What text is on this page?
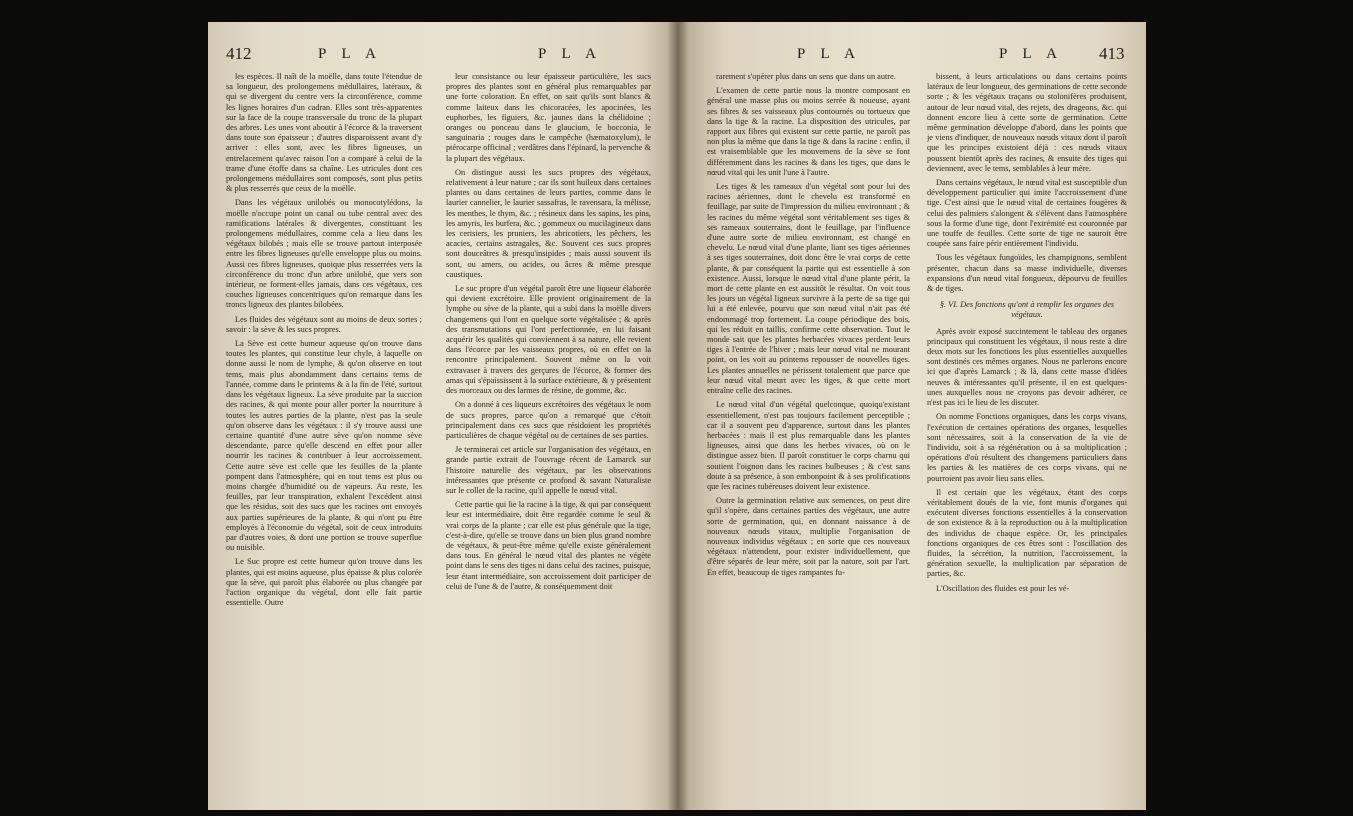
412	P L A	P L A

les espèces. Il naît de la moëlle, dans toute l'étendue de sa longueur, des prolongemens médullaires, latéraux, & qui se divergent du centre vers la circonférence, comme les lignes horaires d'un cadran. Elles sont très-apparentes sur la face de la coupe transversale du tronc de la plupart des arbres. Les unes vont aboutir à l'écorce & la traversent dans toute son épaisseur ; d'autres disparoissent avant d'y arriver : elles sont, avec les fibres ligneuses, un entrelacement qu'avec raison l'on a comparé à celui de la trame d'une étoffe dans sa chaîne. Les utricules dont ces prolongemens médullaires sont composés, sont plus petits & plus resserrés que ceux de la moëlle.

Dans les végétaux unilobés ou monocotylédons, la moëlle n'occupe point un canal ou tube central avec des ramifications latérales & divergentes, constituant les prolongemens médullaires, comme cela a lieu dans les végétaux bilobés ; mais elle se trouve partout interposée entre les fibres ligneuses qu'elle enveloppe plus ou moins. Aussi ces fibres ligneuses, quoique plus resserrées vers la circonférence du tronc d'un arbre unilobé, que vers son intérieur, ne forment-elles jamais, dans ces végétaux, ces couches ligneuses concentriques qu'on remarque dans les troncs ligneux des plantes bilobées.

Les fluides des végétaux sont au moins de deux sortes ; savoir : la sève & les sucs propres.

La Sève est cette humeur aqueuse qu'on trouve dans toutes les plantes, qui constitue leur chyle, à laquelle on donne aussi le nom de lymphe, & qu'on observe en tout tems, mais plus abondamment dans certains tems de l'année, comme dans le printems & à la fin de l'été, surtout dans les végétaux ligneux. La sève produite par la succion des racines, & qui monte pour aller porter la nourriture à toutes les autres parties de la plante, n'est pas la seule qu'on observe dans les végétaux : il s'y trouve aussi une certaine quantité d'une autre sève qu'on nomme sève descendante, parce qu'elle descend en effet pour aller nourrir les racines & contribuer à leur accroissement. Cette autre sève est celle que les feuilles de la plante pompent dans l'atmosphère, qui en tout tems est plus ou moins chargée d'humidité ou de vapeurs. Au reste, les feuilles, par leur transpiration, exhalent l'excédent ainsi que les résidus, soit des sucs que les racines ont envoyés aux parties supérieures de la plante, & qui n'ont pu être employés à l'économie du végétal, soit de ceux introduits par d'autres voies, & dont une portion se trouve superflue ou nuisible.

Le Suc propre est cette humeur qu'on trouve dans les plantes, qui est moins aqueuse, plus épaisse & plus colorée que la sève, qui paroît plus élaborée ou plus changée par l'action organique du végétal, dont elle fait partie essentielle. Outre

leur consistance ou leur épaisseur particulière, les sucs propres des plantes sont en général plus remarquables par une forte coloration. En effet, on sait qu'ils sont blancs & comme laiteux dans les chicoracées, les apocinées, les euphorbes, les figuiers, &c. jaunes dans la chélidoine ; oranges ou ponceau dans le glaucium, le bocconia, le sanguinaria ; rouges dans le campêche (hæmatoxylum), le ptérocarpe officinal ; verdâtres dans l'épinard, la pervenche & la plupart des végétaux.

On distingue aussi les sucs propres des végétaux, relativement à leur nature ; car ils sont huileux dans certaines plantes ou dans certaines de leurs parties, comme dans le laurier cannelier, le laurier sassafras, le ravensara, la mélisse, les menthes, le thym, &c. ; résineux dans les sapins, les pins, les amyris, les burfera, &c. ; gommeux ou mucilagineux dans les cerisiers, les pruniers, les abricotiers, les pêchers, les acacies, certains astragales, &c. Souvent ces sucs propres sont douceâtres & presqu'insipides ; mais aussi souvent ils sont, ou amers, ou acides, ou âcres & même presque caustiques.

Le suc propre d'un végétal paroît être une liqueur élaborée qui devient excrétoire. Elle provient originairement de la lymphe ou sève de la plante, qui a subi dans la moëlle divers changemens qui l'ont en quelque sorte végétalisée ; & après des transmutations qui l'ont perfectionnée, en lui faisant acquérir les qualités qui conviennent à sa nature, elle revient dans l'écorce par les vaisseaux propres, où en effet on la rencontre principalement. Souvent même on la voit extravaser à travers des gerçures de l'écorce, & former des amas qui s'épaississent à la surface extérieure, & y présentent des morceaux ou des larmes de résine, de gomme, &c.

On a donné à ces liqueurs excrétoires des végétaux le nom de sucs propres, parce qu'on a remarqué que c'étoit principalement dans ces sucs que résidoient les propriétés particulières de chaque végétal ou de certaines de ses parties.

Je terminerai cet article sur l'organisation des végétaux, en grande partie extrait de l'ouvrage récent de Lamarck sur l'histoire naturelle des végétaux, par les observations intéressantes que présente ce profond & savant Naturaliste sur le collet de la racine, qu'il appelle le nœud vital.

Cette partie qui lie la racine à la tige, & qui par conséquent leur est intermédiaire, doit être regardée comme le seul & vrai corps de la plante ; car elle est plus générale que la tige, c'est-à-dire, qu'elle se trouve dans un bien plus grand nombre de végétaux, & peut-être même qu'elle existe généralement dans tous. En général le nœud vital des plantes ne végète point dans le sens des tiges ni dans celui des racines, puisque, leur étant intermédiaire, son accroissement doit participer de celui de l'une & de l'autre, & conséquemment doit

P L A	P L A 413

rarement s'opérer plus dans un sens que dans un autre.

L'examen de cette partie nous la montre composant en général une masse plus ou moins serrée & noueuse, ayant ses fibres & ses vaisseaux plus contournés ou tortueux que dans la tige & la racine. La disposition des utricules, par rapport aux fibres qui existent sur cette partie, ne paroît pas non plus la même que dans la tige & dans la racine : enfin, il est vraisemblable que les mouvemens de la sève se font différemment dans les racines & dans les tiges, que dans le nœud vital qui les unit l'une à l'autre.

Les tiges & les rameaux d'un végétal sont pour lui des racines aériennes, dont le chevelu est transformé en feuillage, par suite de l'impression du milieu environnant ; & les racines du même végétal sont véritablement ses tiges & ses rameaux souterrains, dont le feuillage, par l'influence d'une autre sorte de milieu environnant, est changé en chevelu. Le nœud vital d'une plante, liant ses tiges aériennes à ses tiges souterraines, doit donc être le vrai corps de cette plante, & par conséquent la partie qui est essentielle à son existence. Aussi, lorsque le nœud vital d'une plante périt, la mort de cette plante en est aussitôt le résultat. On voit tous les jours un végétal ligneux survivre à la perte de sa tige qui lui a été enlevée, pourvu que son nœud vital n'ait pas été endommagé trop fortement. La coupe périodique des bois, qui les réduit en taillis, confirme cette observation. Tout le monde sait que les plantes herbacées vivaces perdent leurs tiges à l'entrée de l'hiver ; mais leur nœud vital ne mourant point, on les voit au printems repousser de nouvelles tiges. Les plantes annuelles ne périssent totalement que parce que leur nœud vital meurt avec les tiges, & que cette mort entraîne celle des racines.

Le nœud vital d'un végétal quelconque, quoiqu'existant essentiellement, n'est pas toujours facilement perceptible ; car il a souvent peu d'apparence, surtout dans les plantes herbacées : mais il est plus remarquable dans les plantes ligneuses, ainsi que dans les herbes vivaces, où on le distingue assez bien. Il paroît constituer le corps charnu qui soutient l'oignon dans les racines bulbeuses ; & c'est sans doute à sa présence, à son embonpoint & à ses prolifications que les racines tubéreuses doivent leur existence.

Outre la germination relative aux semences, on peut dire qu'il s'opère, dans certaines parties des végétaux, une autre sorte de germination, qui, en donnant naissance à de nouveaux nœuds vitaux, multiplie l'organisation de nouveaux individus végétaux ; en sorte que ces nouveaux végétaux n'attendent, pour exister individuellement, que d'être séparés de leur mère, soit par la nature, soit par l'art. En effet, beaucoup de tiges rampantes fu-

bissent, à leurs articulations ou dans certains points latéraux de leur longueur, des germinations de cette seconde sorte ; & les végétaux traçans ou stolonifères produisent, autour de leur nœud vital, des rejets, des drageons, &c. qui donnent encore lieu à cette sorte de germination. Cette même germination développe d'abord, dans les points que je viens d'indiquer, de nouveaux nœuds vitaux dont il paroît que les principes existoient déjà : ces nœuds vitaux poussent bientôt après des racines, & ensuite des tiges qui deviennent, avec le tems, semblables à leur mère.

Dans certains végétaux, le nœud vital est susceptible d'un développement particulier qui imite l'accroissement d'une tige. C'est ainsi que le nœud vital de certaines fougères & celui des palmiers s'alongent & s'élèvent dans l'atmosphère sous la forme d'une tige, dont l'extrémité est couronnée par une touffe de feuilles. Cette sorte de tige ne sauroit être coupée sans faire périr entièrement l'individu.

Tous les végétaux fungoïdes, les champignons, semblent présenter, chacun dans sa masse individuelle, diverses expansions d'un nœud vital fongueux, dépourvu de feuilles & de tiges.

§. VI. Des fonctions qu'ont à remplir les organes des végétaux.

Après avoir exposé succintement le tableau des organes principaux qui constituent les végétaux, il nous reste à dire deux mots sur les fonctions les plus essentielles auxquelles sont destinés ces mêmes organes. Nous ne parlerons encore ici que d'après Lamarck ; & là, dans cette masse d'idées neuves & intéressantes qu'il présente, il en est quelques-unes auxquelles nous ne croyons pas devoir adhérer, ce n'est pas ici le lieu de les discuter.

On nomme Fonctions organiques, dans les corps vivans, l'exécution de certaines opérations des organes, lesquelles sont nécessaires, soit à la conservation de la vie de l'individu, soit à sa régénération ou à sa multiplication ; opérations d'où résultent des changemens particuliers dans les parties & les matières de ces corps vivans, qui ne pourroient pas avoir lieu sans elles.

Il est certain que les végétaux, étant des corps véritablement doués de la vie, font munis d'organes qui exécutent diverses fonctions essentielles à la conservation de son existence & à la reproduction ou à la multiplication des individus de chaque espèce. Or, les principales fonctions organiques de ces êtres sont : l'oscillation des fluides, la sécrétion, la nutrition, l'accroissement, la génération sexuelle, la multiplication par séparation de parties, &c.

L'Oscillation des fluides est pour les vé-
